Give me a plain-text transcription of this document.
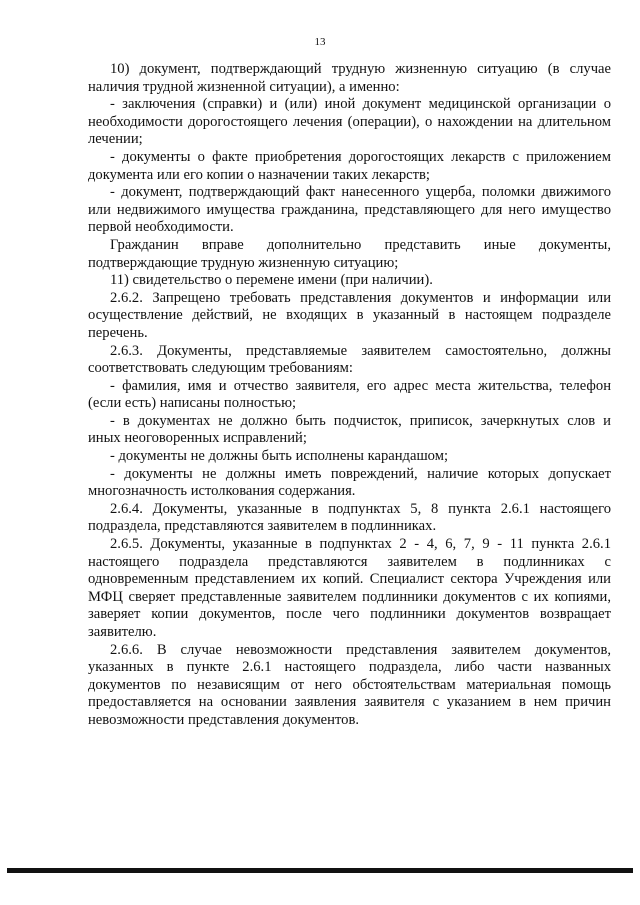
13

10) документ, подтверждающий трудную жизненную ситуацию (в случае

наличия трудной жизненной ситуации), а именно:

- заключения (справки) и (или) иной документ медицинской организации о

необходимости дорогостоящего лечения (операции), о нахождении на длительном

лечении;

- документы о факте приобретения дорогостоящих лекарств с приложением

документа или его копии о назначении таких лекарств;

- документ, подтверждающий факт нанесенного ущерба, поломки движимого

или недвижимого имущества гражданина, представляющего для него имущество

первой необходимости.

Гражданин вправе дополнительно представить иные документы,

подтверждающие трудную жизненную ситуацию;

11) свидетельство о перемене имени (при наличии).

2.6.2. Запрещено требовать представления документов и информации или

осуществление действий, не входящих в указанный в настоящем подразделе

перечень.

2.6.3. Документы, представляемые заявителем самостоятельно, должны

соответствовать следующим требованиям:

- фамилия, имя и отчество заявителя, его адрес места жительства, телефон

(если есть) написаны полностью;

- в документах не должно быть подчисток, приписок, зачеркнутых слов и

иных неоговоренных исправлений;

- документы не должны быть исполнены карандашом;

- документы не должны иметь повреждений, наличие которых допускает

многозначность истолкования содержания.

2.6.4. Документы, указанные в подпунктах 5, 8 пункта 2.6.1 настоящего

подраздела, представляются заявителем в подлинниках.

2.6.5. Документы, указанные в подпунктах 2 - 4, 6, 7, 9 - 11 пункта 2.6.1

настоящего подраздела представляются заявителем в подлинниках с

одновременным представлением их копий. Специалист сектора Учреждения или

МФЦ сверяет представленные заявителем подлинники документов с их копиями,

заверяет копии документов, после чего подлинники документов возвращает

заявителю.

2.6.6. В случае невозможности представления заявителем документов,

указанных в пункте 2.6.1 настоящего подраздела, либо части названных

документов по независящим от него обстоятельствам материальная помощь

предоставляется на основании заявления заявителя с указанием в нем причин

невозможности представления документов.
